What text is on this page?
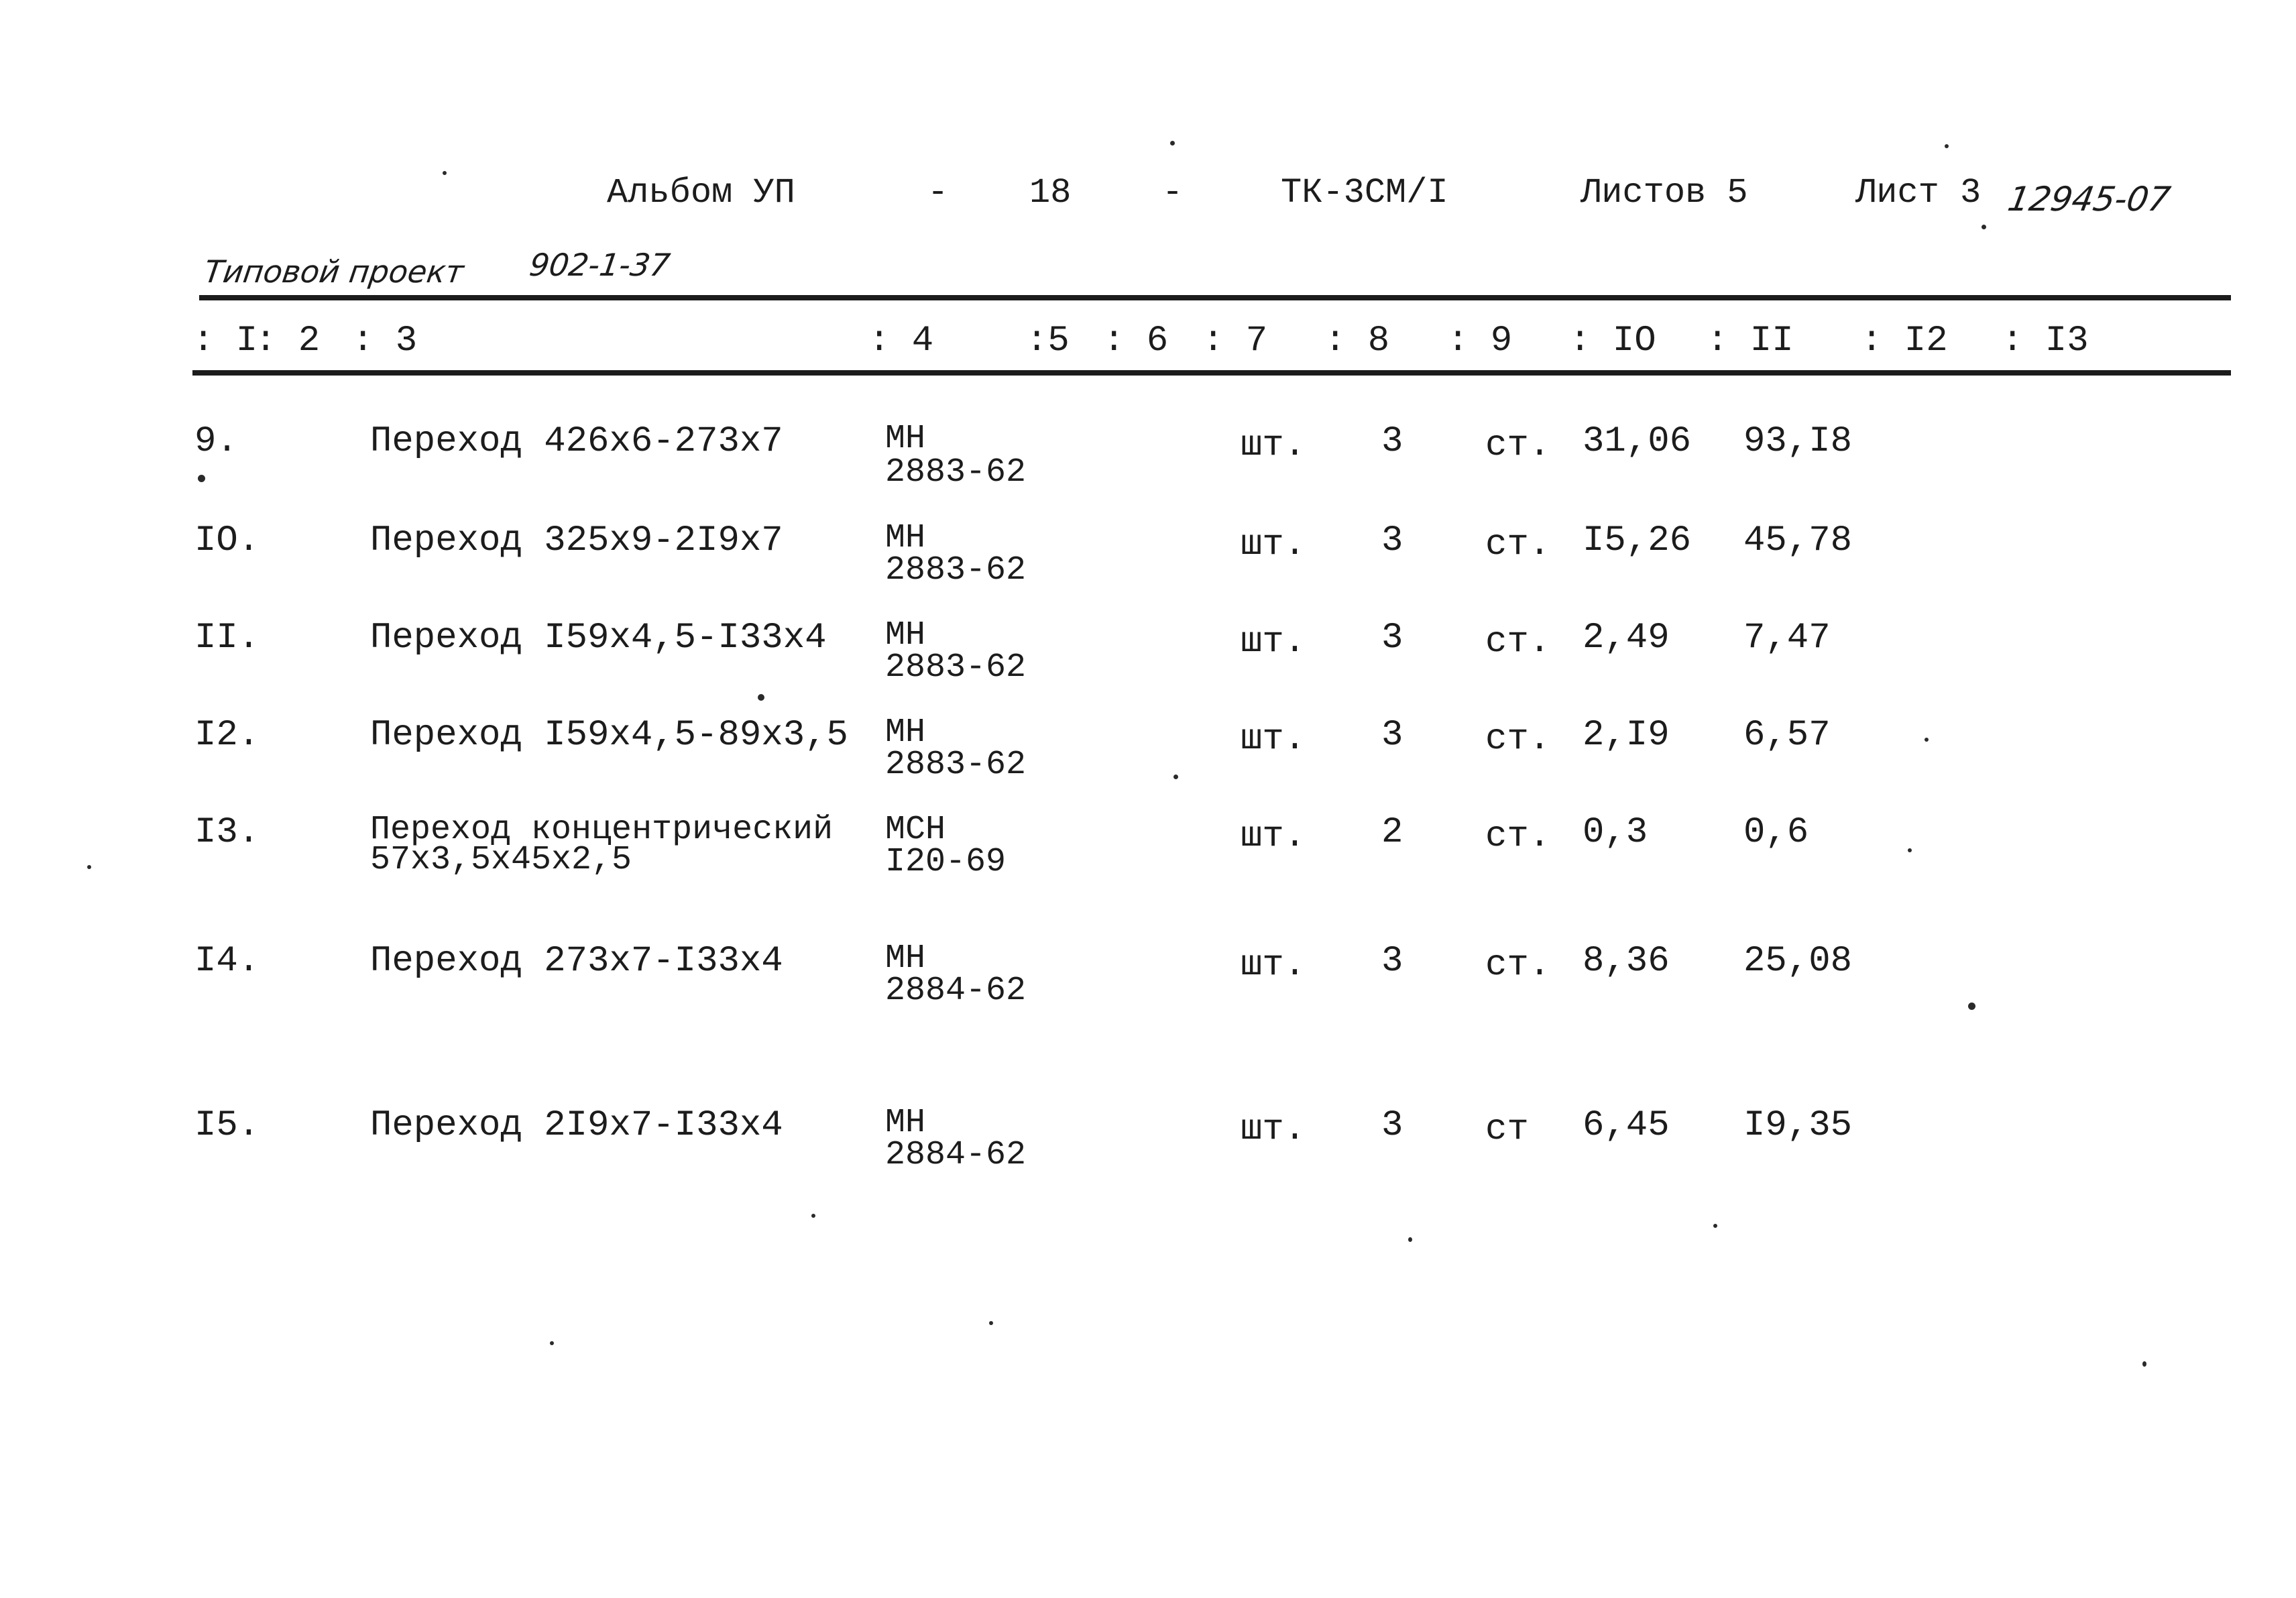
Альбом УП	- 18	-	ТК-3СМ/I	Листов 5	Лист 3 12945-07
Типовой проект 902-1-37
: I
: 2 : 3	: 4	:5 : 6 : 7 : 8 : 9 : IO : II : I2 : I3
9.	Переход 426x6-273x7	МН
2883-62
шт. 3 ст. 31,06 93,I8
IO.	Переход 325x9-2I9x7	МН
2883-62
шт. 3 ст. I5,26 45,78
II.	Переход I59x4,5-I33x4 МН
2883-62
шт. 3 ст. 2,49 7,47
I2.	Переход I59x4,5-89x3,5 МН
2883-62
шт. 3 ст. 2,I9 6,57
I3.	Переход концентрический
57x3,5x45x2,5
МСН
I20-69
шт. 2 ст. 0,3	0,6
I4.	Переход 273x7-I33x4	МН
2884-62
шт. 3 ст. 8,36 25,08
I5.	Переход 2I9x7-I33x4	МН
2884-62
шт. 3 ст 6,45 I9,35
